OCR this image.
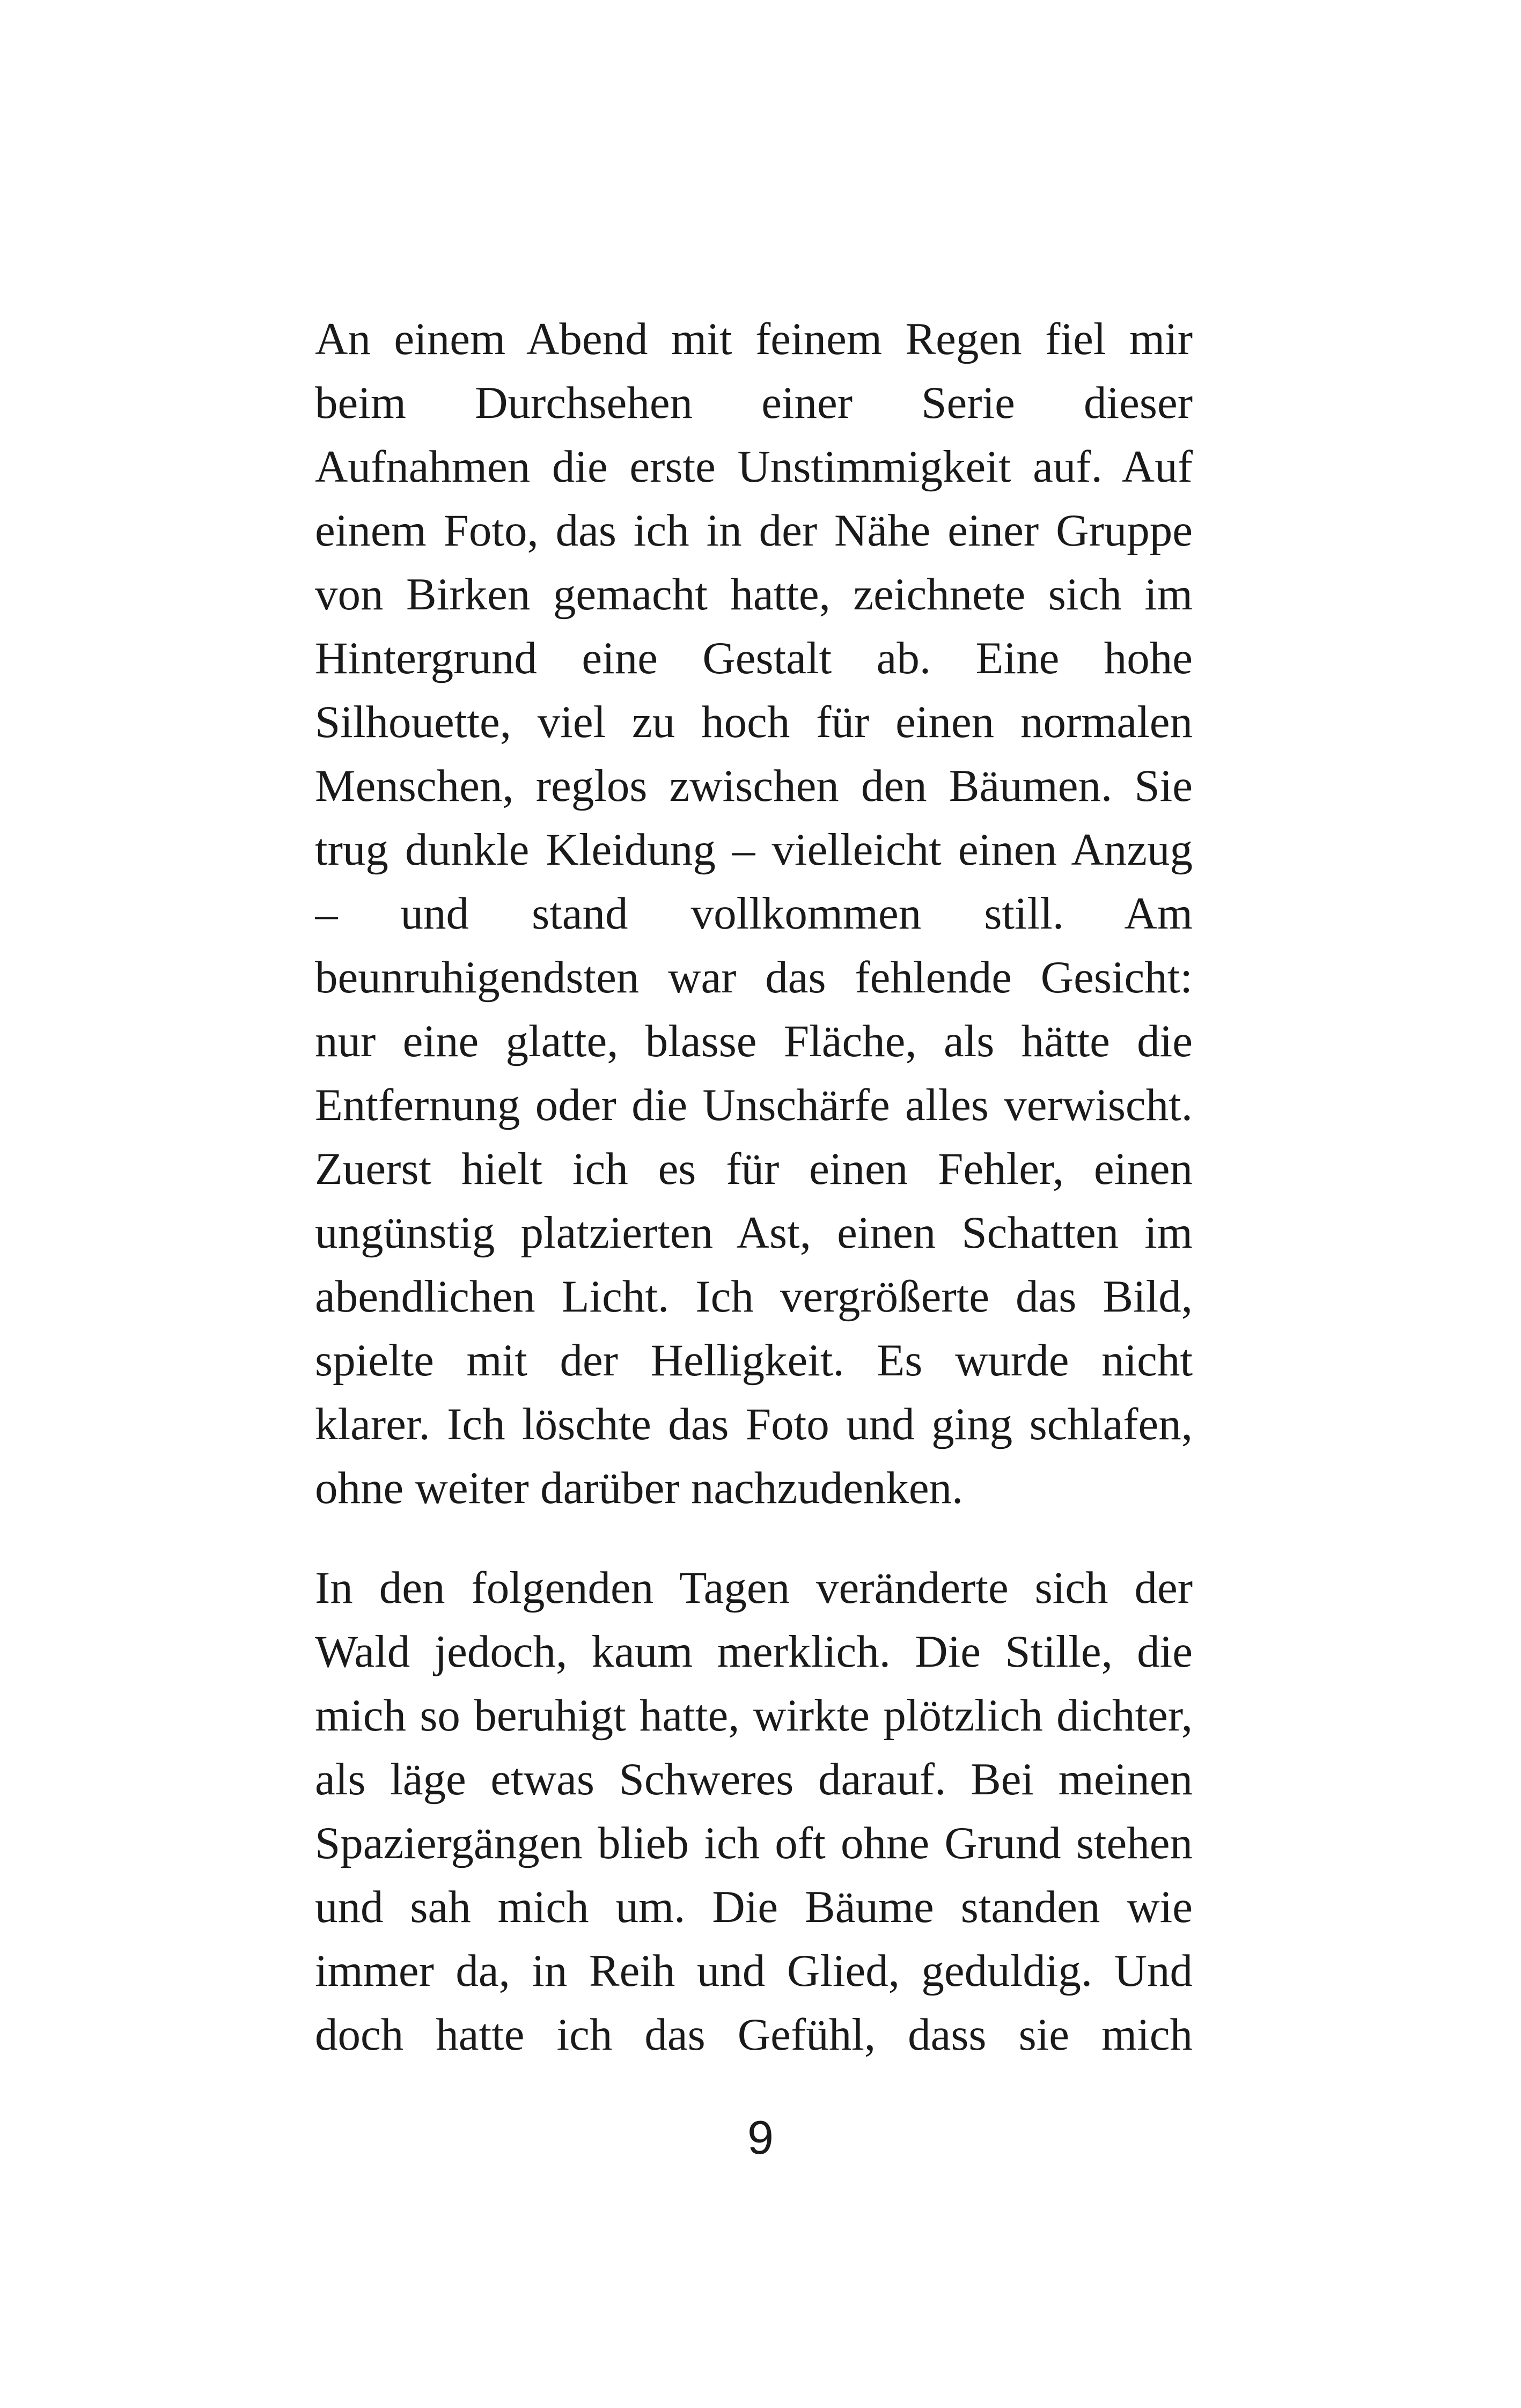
An einem Abend mit feinem Regen fiel mir
beim Durchsehen einer Serie dieser
Aufnahmen die erste Unstimmigkeit auf. Auf
einem Foto, das ich in der Nähe einer Gruppe
von Birken gemacht hatte, zeichnete sich im
Hintergrund eine Gestalt ab. Eine hohe
Silhouette, viel zu hoch für einen normalen
Menschen, reglos zwischen den Bäumen. Sie
trug dunkle Kleidung – vielleicht einen Anzug
– und stand vollkommen still. Am
beunruhigendsten war das fehlende Gesicht:
nur eine glatte, blasse Fläche, als hätte die
Entfernung oder die Unschärfe alles verwischt.
Zuerst hielt ich es für einen Fehler, einen
ungünstig platzierten Ast, einen Schatten im
abendlichen Licht. Ich vergrößerte das Bild,
spielte mit der Helligkeit. Es wurde nicht
klarer. Ich löschte das Foto und ging schlafen,
ohne weiter darüber nachzudenken.
In den folgenden Tagen veränderte sich der
Wald jedoch, kaum merklich. Die Stille, die
mich so beruhigt hatte, wirkte plötzlich dichter,
als läge etwas Schweres darauf. Bei meinen
Spaziergängen blieb ich oft ohne Grund stehen
und sah mich um. Die Bäume standen wie
immer da, in Reih und Glied, geduldig. Und
doch hatte ich das Gefühl, dass sie mich
9
